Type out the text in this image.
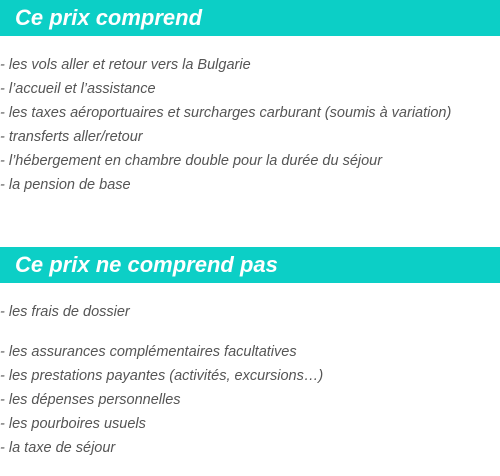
Ce prix comprend
- les vols aller et retour vers la Bulgarie
- l’accueil et l’assistance
- les taxes aéroportuaires et surcharges carburant (soumis à variation)
- transferts aller/retour
- l’hébergement en chambre double pour la durée du séjour
- la pension de base
Ce prix ne comprend pas
- les frais de dossier
- les assurances complémentaires facultatives
- les prestations payantes (activités, excursions…)
- les dépenses personnelles
- les pourboires usuels
- la taxe de séjour
